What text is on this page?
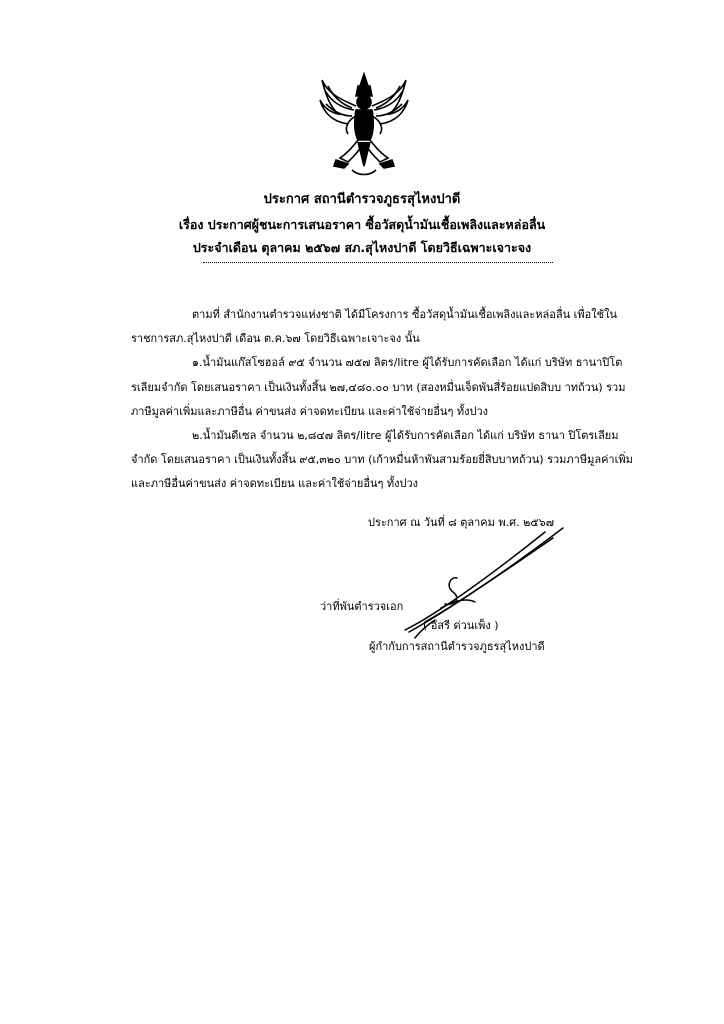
ประกาศ สถานีตำรวจภูธรสุไหงปาดี
เรื่อง ประกาศผู้ชนะการเสนอราคา ซื้อวัสดุน้ำมันเชื้อเพลิงและหล่อลื่น
ประจำเดือน ตุลาคม ๒๕๖๗ สภ.สุไหงปาดี โดยวิธีเฉพาะเจาะจง
ตามที่ สำนักงานตำรวจแห่งชาติ ได้มีโครงการ ซื้อวัสดุน้ำมันเชื้อเพลิงและหล่อลื่น เพื่อใช้ใน
ราชการสภ.สุไหงปาดี เดือน ต.ค.๖๗ โดยวิธีเฉพาะเจาะจง นั้น
๑.น้ำมันแก๊สโซฮอล์ ๙๕ จำนวน ๗๕๗ ลิตร/litre ผู้ได้รับการคัดเลือก ได้แก่ บริษัท ธานาปิโต
รเลียมจำกัด โดยเสนอราคา เป็นเงินทั้งสิ้น ๒๗,๔๘๐.๐๐ บาท (สองหมื่นเจ็ดพันสี่ร้อยแปดสิบบ าทถ้วน) รวม
ภาษีมูลค่าเพิ่มและภาษีอื่น ค่าขนส่ง ค่าจดทะเบียน และค่าใช้จ่ายอื่นๆ ทั้งปวง
๒.น้ำมันดีเซล จำนวน ๒,๘๔๗ ลิตร/litre ผู้ได้รับการคัดเลือก ได้แก่ บริษัท ธานา ปิโตรเลียม
จำกัด โดยเสนอราคา เป็นเงินทั้งสิ้น ๙๕,๓๒๐ บาท (เก้าหมื่นห้าพันสามร้อยยี่สิบบาทถ้วน) รวมภาษีมูลค่าเพิ่ม
และภาษีอื่นค่าขนส่ง ค่าจดทะเบียน และค่าใช้จ่ายอื่นๆ ทั้งปวง
ประกาศ ณ วันที่ ๘ ตุลาคม พ.ศ. ๒๕๖๗
ว่าที่พันตำรวจเอก
( อัสรี ด่วนเพ็ง )
ผู้กำกับการสถานีตำรวจภูธรสุไหงปาดี
